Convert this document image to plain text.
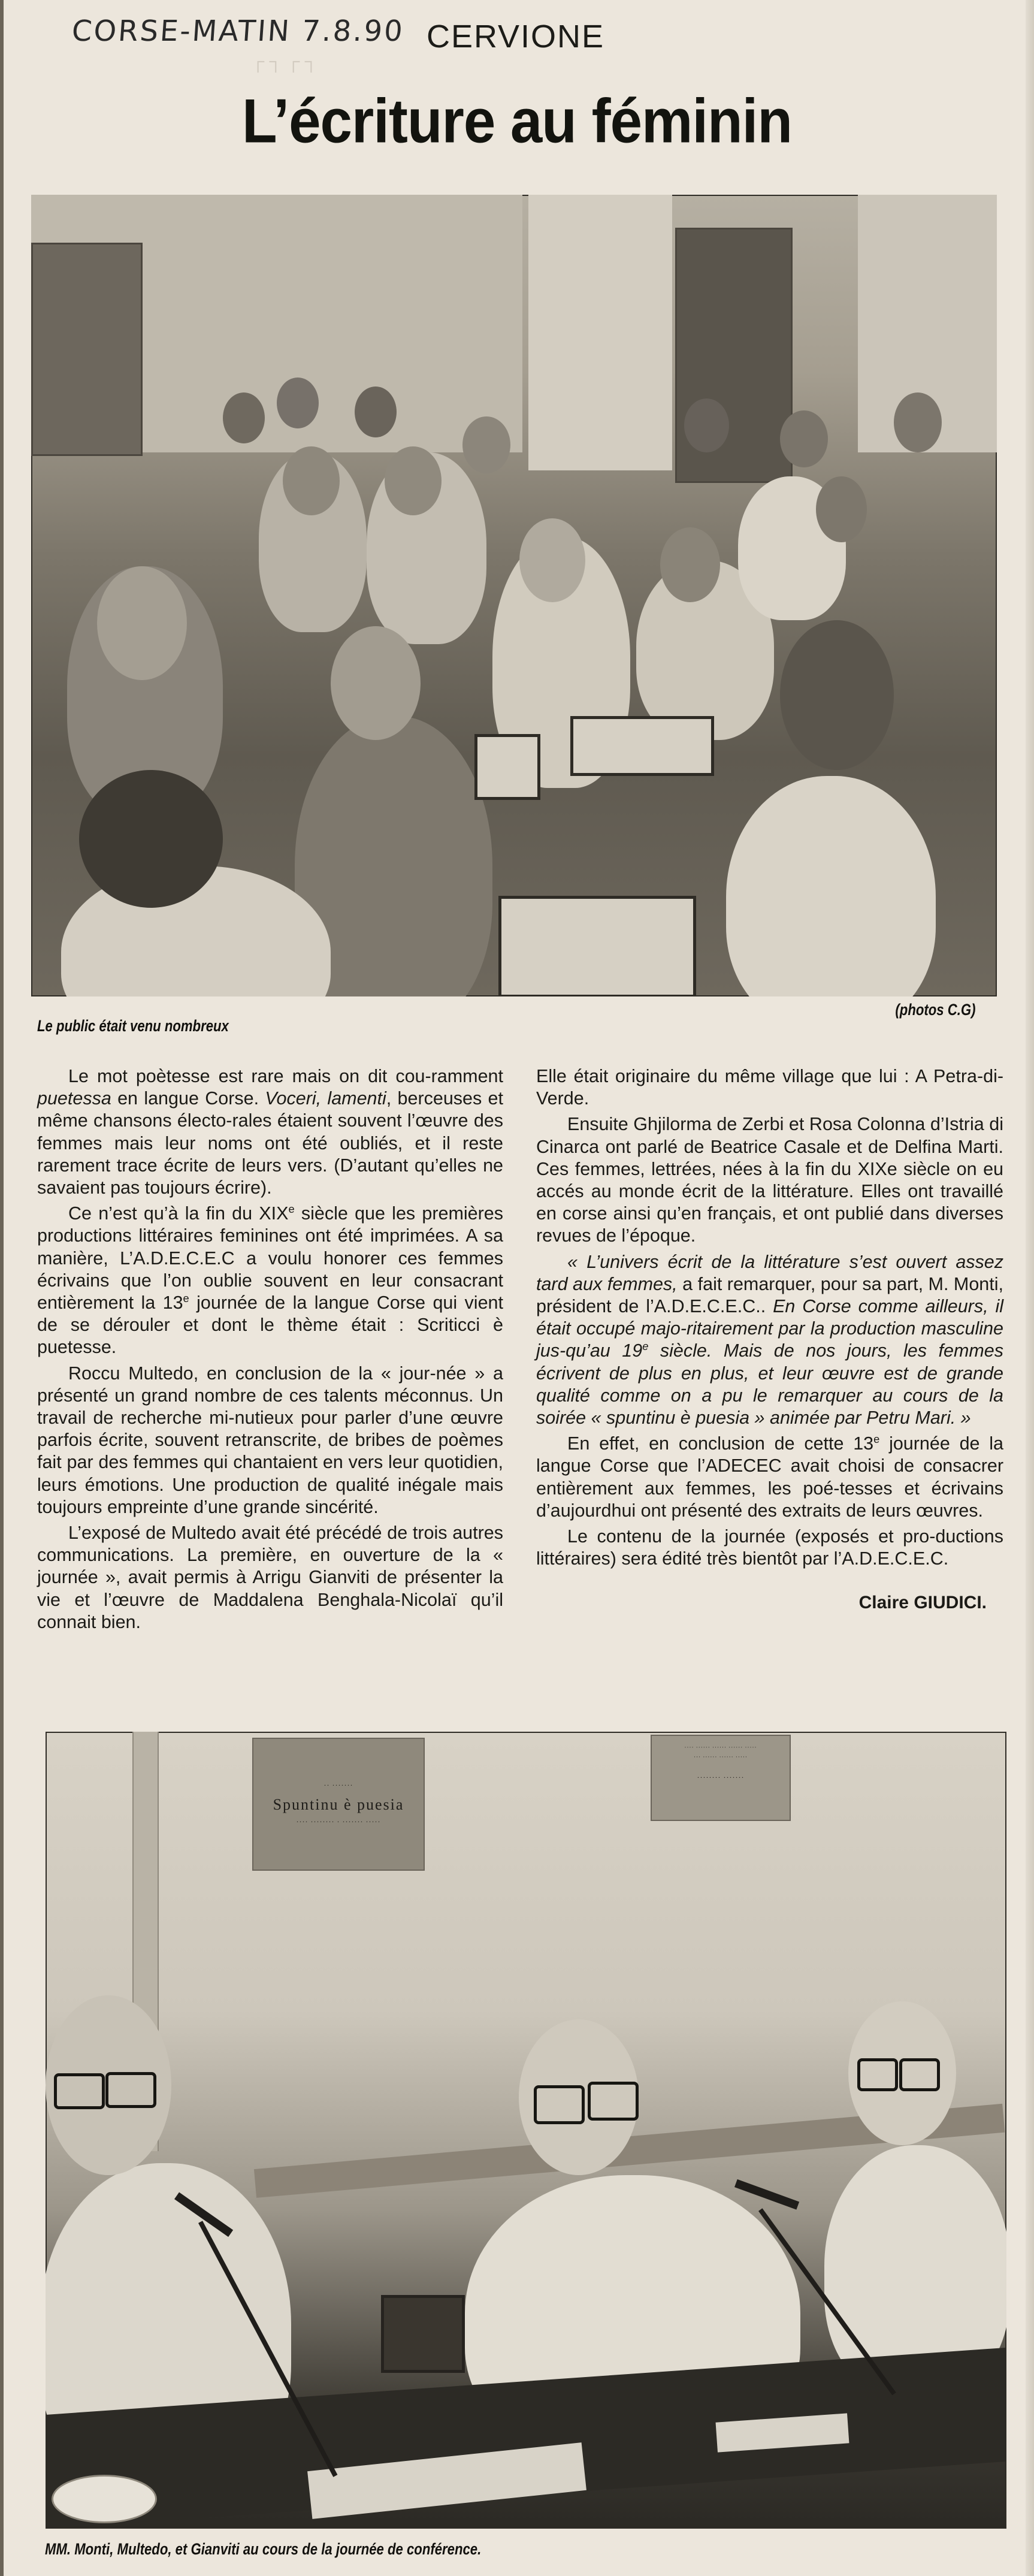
┌ ┐ ┌ ┐
CORSE-MATIN 7.8.90 CERVIONE
L’écriture au féminin
Le public était venu nombreux
(photos C.G)

Le mot poètesse est rare mais on dit cou-ramment puetessa en langue Corse. Voceri, lamenti, berceuses et même chansons électo-rales étaient souvent l’œuvre des femmes mais leur noms ont été oubliés, et il reste rarement trace écrite de leurs vers. (D’autant qu’elles ne savaient pas toujours écrire).

Ce n’est qu’à la fin du XIXe siècle que les premières productions littéraires feminines ont été imprimées. A sa manière, L’A.D.E.C.E.C a voulu honorer ces femmes écrivains que l’on oublie souvent en leur consacrant entièrement la 13e journée de la langue Corse qui vient de se dérouler et dont le thème était : Scriticci è puetesse.

Roccu Multedo, en conclusion de la « jour-née » a présenté un grand nombre de ces talents méconnus. Un travail de recherche mi-nutieux pour parler d’une œuvre parfois écrite, souvent retranscrite, de bribes de poèmes fait par des femmes qui chantaient en vers leur quotidien, leurs émotions. Une production de qualité inégale mais toujours empreinte d’une grande sincérité.

L’exposé de Multedo avait été précédé de trois autres communications. La première, en ouverture de la « journée », avait permis à Arrigu Gianviti de présenter la vie et l’œuvre de Maddalena Benghala-Nicolaï qu’il connait bien.

Elle était originaire du même village que lui : A Petra-di-Verde.

Ensuite Ghjilorma de Zerbi et Rosa Colonna d’Istria di Cinarca ont parlé de Beatrice Casale et de Delfina Marti. Ces femmes, lettrées, nées à la fin du XIXe siècle on eu accés au monde écrit de la littérature. Elles ont travaillé en corse ainsi qu’en français, et ont publié dans diverses revues de l’époque.

« L’univers écrit de la littérature s’est ouvert assez tard aux femmes, a fait remarquer, pour sa part, M. Monti, président de l’A.D.E.C.E.C.. En Corse comme ailleurs, il était occupé majo-ritairement par la production masculine jus-qu’au 19e siècle. Mais de nos jours, les femmes écrivent de plus en plus, et leur œuvre est de grande qualité comme on a pu le remarquer au cours de la soirée « spuntinu è puesia » animée par Petru Mari. »

En effet, en conclusion de cette 13e journée de la langue Corse que l’ADECEC avait choisi de consacrer entièrement aux femmes, les poé-tesses et écrivains d’aujourdhui ont présenté des extraits de leurs œuvres.

Le contenu de la journée (exposés et pro-ductions littéraires) sera édité très bientôt par l’A.D.E.C.E.C.

Claire GIUDICI.
·· ·······
Spuntinu è puesia
···· ········ · ······· ·····
···· ······ ······ ······ ·····
··· ······ ······ ·····
········ ·······
MM. Monti, Multedo, et Gianviti au cours de la journée de conférence.
